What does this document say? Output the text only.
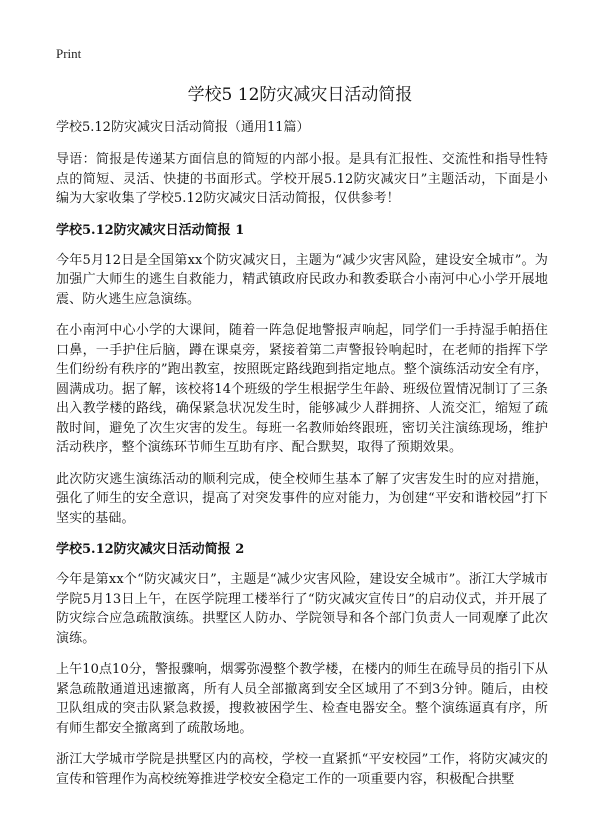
Print
学校5 12防灾减灾日活动简报

学校5.12防灾减灾日活动简报（通用11篇）

导语：简报是传递某方面信息的简短的内部小报。是具有汇报性、交流性和指导性特点的简短、灵活、快捷的书面形式。学校开展5.12防灾减灾日”主题活动，下面是小编为大家收集了学校5.12防灾减灾日活动简报，仅供参考！

学校5.12防灾减灾日活动简报 1

今年5月12日是全国第xx个防灾减灾日，主题为“减少灾害风险，建设安全城市”。为加强广大师生的逃生自救能力，精武镇政府民政办和教委联合小南河中心小学开展地震、防火逃生应急演练。

在小南河中心小学的大课间，随着一阵急促地警报声响起，同学们一手持湿手帕捂住口鼻，一手护住后脑，蹲在课桌旁，紧接着第二声警报铃响起时，在老师的指挥下学生们纷纷有秩序的”跑出教室，按照既定路线跑到指定地点。整个演练活动安全有序，圆满成功。据了解，该校将14个班级的学生根据学生年龄、班级位置情况制订了三条出入教学楼的路线，确保紧急状况发生时，能够减少人群拥挤、人流交汇，缩短了疏散时间，避免了次生灾害的发生。每班一名教师始终跟班，密切关注演练现场，维护活动秩序，整个演练环节师生互助有序、配合默契，取得了预期效果。

此次防灾逃生演练活动的顺利完成，使全校师生基本了解了灾害发生时的应对措施，强化了师生的安全意识，提高了对突发事件的应对能力，为创建“平安和谐校园”打下坚实的基础。

学校5.12防灾减灾日活动简报 2

今年是第xx个“防灾减灾日”，主题是“减少灾害风险，建设安全城市”。浙江大学城市学院5月13日上午，在医学院理工楼举行了“防灾减灾宣传日”的启动仪式，并开展了防灾综合应急疏散演练。拱墅区人防办、学院领导和各个部门负责人一同观摩了此次演练。

上午10点10分，警报骤响，烟雾弥漫整个教学楼，在楼内的师生在疏导员的指引下从紧急疏散通道迅速撤离，所有人员全部撤离到安全区域用了不到3分钟。随后，由校卫队组成的突击队紧急救援，搜救被困学生、检查电器安全。整个演练逼真有序，所有师生都安全撤离到了疏散场地。

浙江大学城市学院是拱墅区内的高校，学校一直紧抓“平安校园”工作，将防灾减灾的宣传和管理作为高校统筹推进学校安全稳定工作的一项重要内容，积极配合拱墅
